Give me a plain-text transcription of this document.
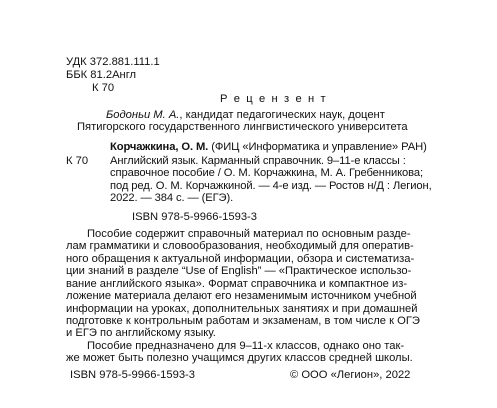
УДК 372.881.111.1
ББК 81.2Англ
К 70
Р е ц е н з е н т
Бодоньи М. А., кандидат педагогических наук, доцент
Пятигорского государственного лингвистического университета
Корчажкина, О. М. (ФИЦ «Информатика и управление» РАН)
К 70 Английский язык. Карманный справочник. 9–11-е классы :
справочное пособие / О. М. Корчажкина, М. А. Гребенникова;
под ред. О. М. Корчажкиной. — 4-е изд. — Ростов н/Д : Легион,
2022. — 384 с. — (ЕГЭ).
ISBN 978-5-9966-1593-3
Пособие содержит справочный материал по основным разде-
лам грамматики и словообразования, необходимый для оператив-
ного обращения к актуальной информации, обзора и систематиза-
ции знаний в разделе “Use of English” — «Практическое использо-
вание английского языка». Формат справочника и компактное из-
ложение материала делают его незаменимым источником учебной
информации на уроках, дополнительных занятиях и при домашней
подготовке к контрольным работам и экзаменам, в том числе к ОГЭ
и ЕГЭ по английскому языку.
Пособие предназначено для 9–11-х классов, однако оно так-
же может быть полезно учащимся других классов средней школы.
ISBN 978-5-9966-1593-3	© ООО «Легион», 2022
